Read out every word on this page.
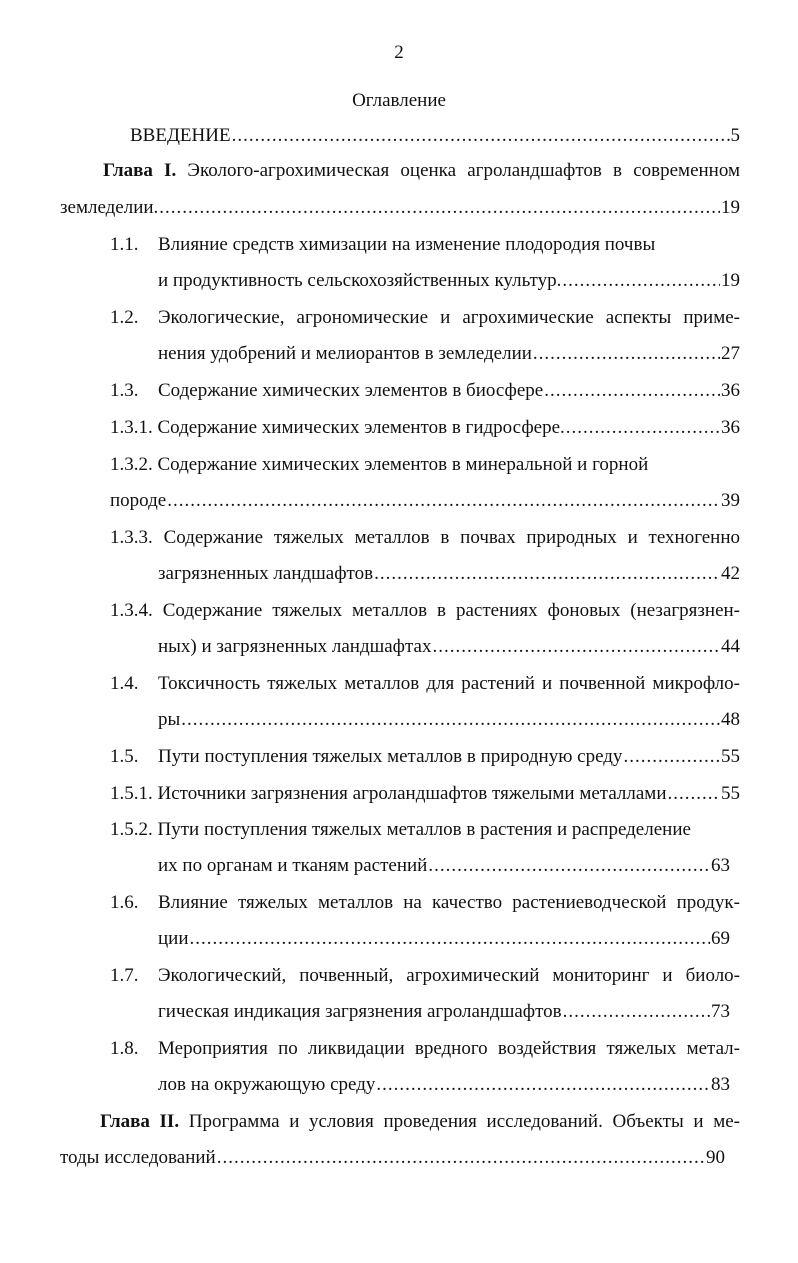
2
Оглавление
ВВЕДЕНИЕ .....	5
Глава I. Эколого-агрохимическая оценка агроландшафтов в современном
земледелии. .....	19
1.1. Влияние средств химизации на изменение плодородия почвы
и продуктивность сельскохозяйственных культур. .....	19
1.2. Экологические, агрономические и агрохимические аспекты приме-
нения удобрений и мелиорантов в земледелии .....	27
1.3. Содержание химических элементов в биосфере .....	36
1.3.1.
Содержание химических элементов в гидросфере. .....	36
1.3.2. Содержание химических элементов в минеральной и горной
породе .....	39
1.3.3. Содержание тяжелых металлов в почвах природных и техногенно
загрязненных ландшафтов .....	42
1.3.4. Содержание тяжелых металлов в растениях фоновых (незагрязнен-
ных) и загрязненных ландшафтах .....	44
1.4. Токсичность тяжелых металлов для растений и почвенной микрофло-
ры .....	48
1.5. Пути поступления тяжелых металлов в природную среду .....	55
1.5.1.
Источники загрязнения агроландшафтов тяжелыми металлами .....	55
1.5.2. Пути поступления тяжелых металлов в растения и распределение
их по органам и тканям растений .....	63
1.6. Влияние тяжелых металлов на качество растениеводческой продук-
ции .....	69
1.7. Экологический, почвенный, агрохимический мониторинг и биоло-
гическая индикация загрязнения агроландшафтов .....	73
1.8. Мероприятия по ликвидации вредного воздействия тяжелых метал-
лов на окружающую среду .....	83
Глава II. Программа и условия проведения исследований. Объекты и ме-
тоды исследований .....	90
